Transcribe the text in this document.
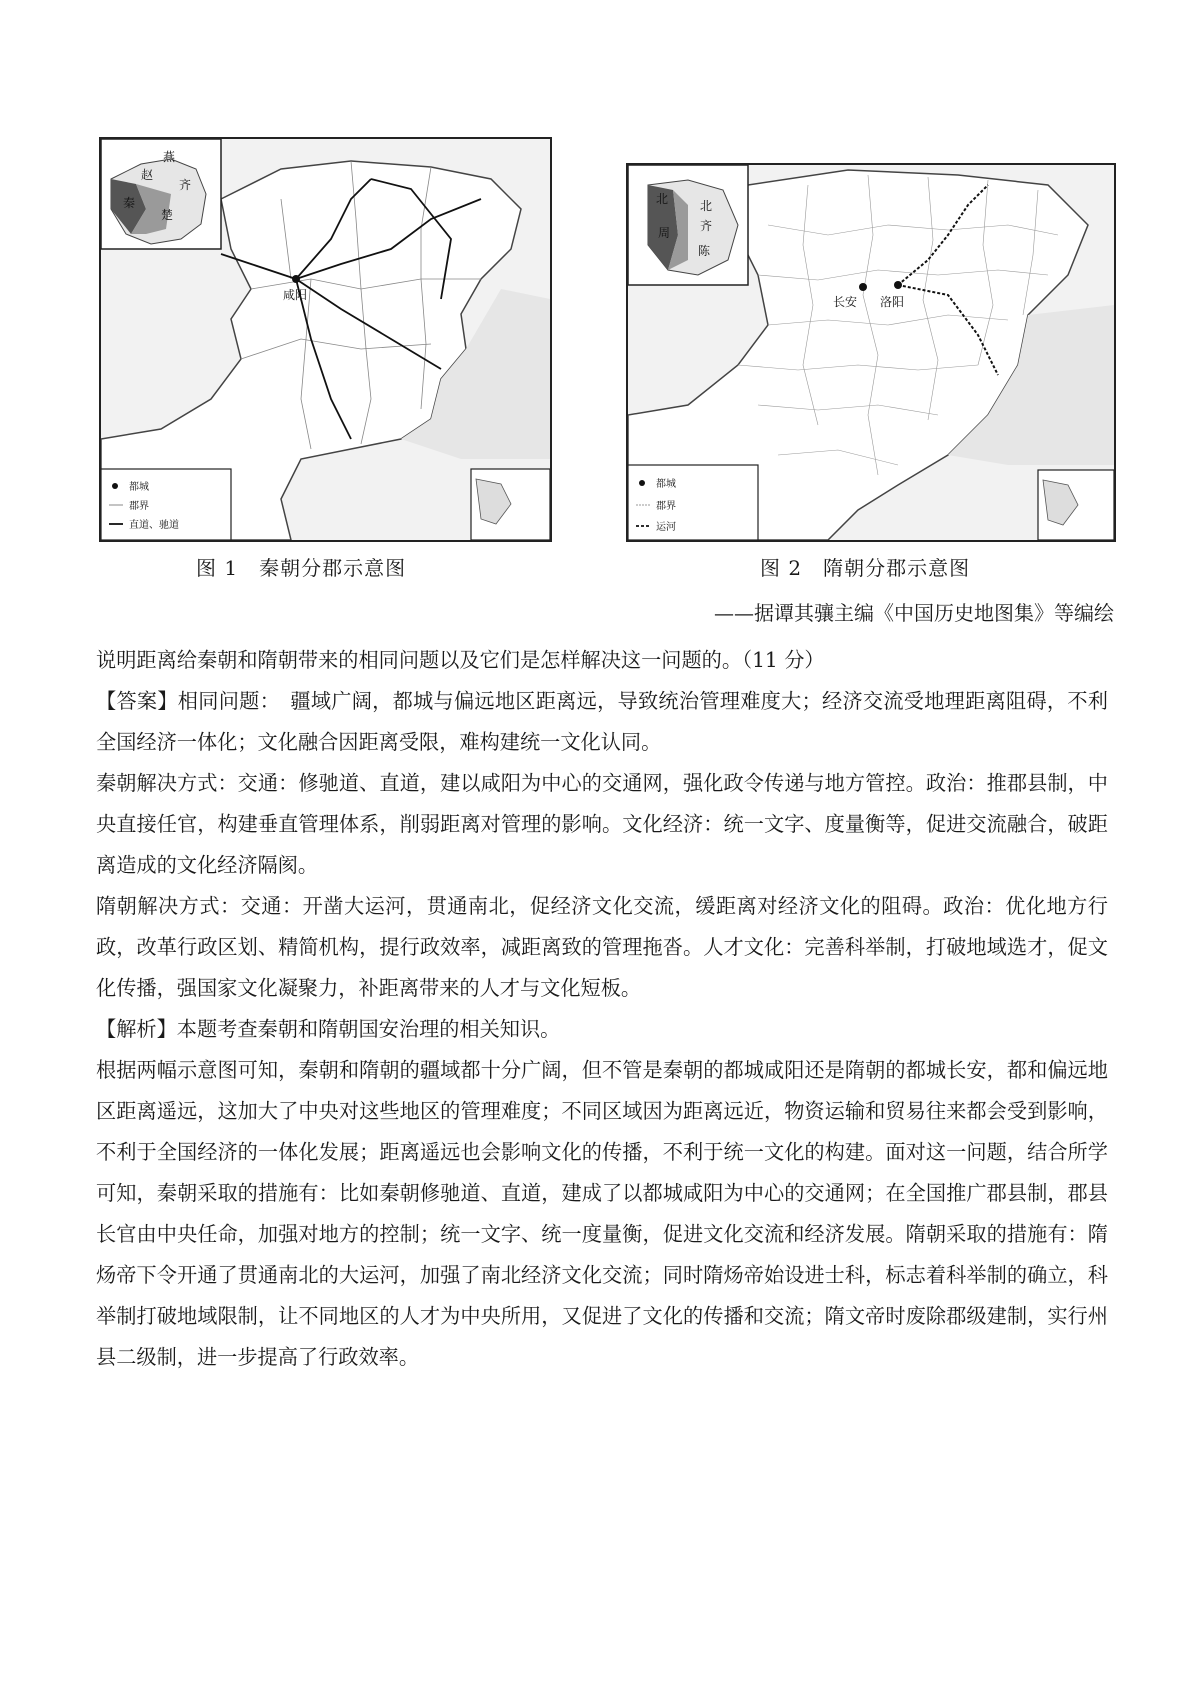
咸阳
燕
赵
齐
秦
楚
都城
郡界
直道、驰道
长安 洛阳
北
周
北
齐
陈
都城
郡界
运河
图 1　秦朝分郡示意图	图 2　隋朝分郡示意图
——据谭其骧主编《中国历史地图集》等编绘

说明距离给秦朝和隋朝带来的相同问题以及它们是怎样解决这一问题的。（11 分）

【答案】相同问题：　疆域广阔，都城与偏远地区距离远，导致统治管理难度大；经济交流受地理距离阻碍，不利全国经济一体化；文化融合因距离受限，难构建统一文化认同。

秦朝解决方式：交通：修驰道、直道，建以咸阳为中心的交通网，强化政令传递与地方管控。政治：推郡县制，中央直接任官，构建垂直管理体系，削弱距离对管理的影响。文化经济：统一文字、度量衡等，促进交流融合，破距离造成的文化经济隔阂。

隋朝解决方式：交通：开凿大运河，贯通南北，促经济文化交流，缓距离对经济文化的阻碍。政治：优化地方行政，改革行政区划、精简机构，提行政效率，减距离致的管理拖沓。人才文化：完善科举制，打破地域选才，促文化传播，强国家文化凝聚力，补距离带来的人才与文化短板。

【解析】本题考查秦朝和隋朝国安治理的相关知识。

根据两幅示意图可知，秦朝和隋朝的疆域都十分广阔，但不管是秦朝的都城咸阳还是隋朝的都城长安，都和偏远地区距离遥远，这加大了中央对这些地区的管理难度；不同区域因为距离远近，物资运输和贸易往来都会受到影响，不利于全国经济的一体化发展；距离遥远也会影响文化的传播，不利于统一文化的构建。面对这一问题，结合所学可知，秦朝采取的措施有：比如秦朝修驰道、直道，建成了以都城咸阳为中心的交通网；在全国推广郡县制，郡县长官由中央任命，加强对地方的控制；统一文字、统一度量衡，促进文化交流和经济发展。隋朝采取的措施有：隋炀帝下令开通了贯通南北的大运河，加强了南北经济文化交流；同时隋炀帝始设进士科，标志着科举制的确立，科举制打破地域限制，让不同地区的人才为中央所用，又促进了文化的传播和交流；隋文帝时废除郡级建制，实行州县二级制，进一步提高了行政效率。
